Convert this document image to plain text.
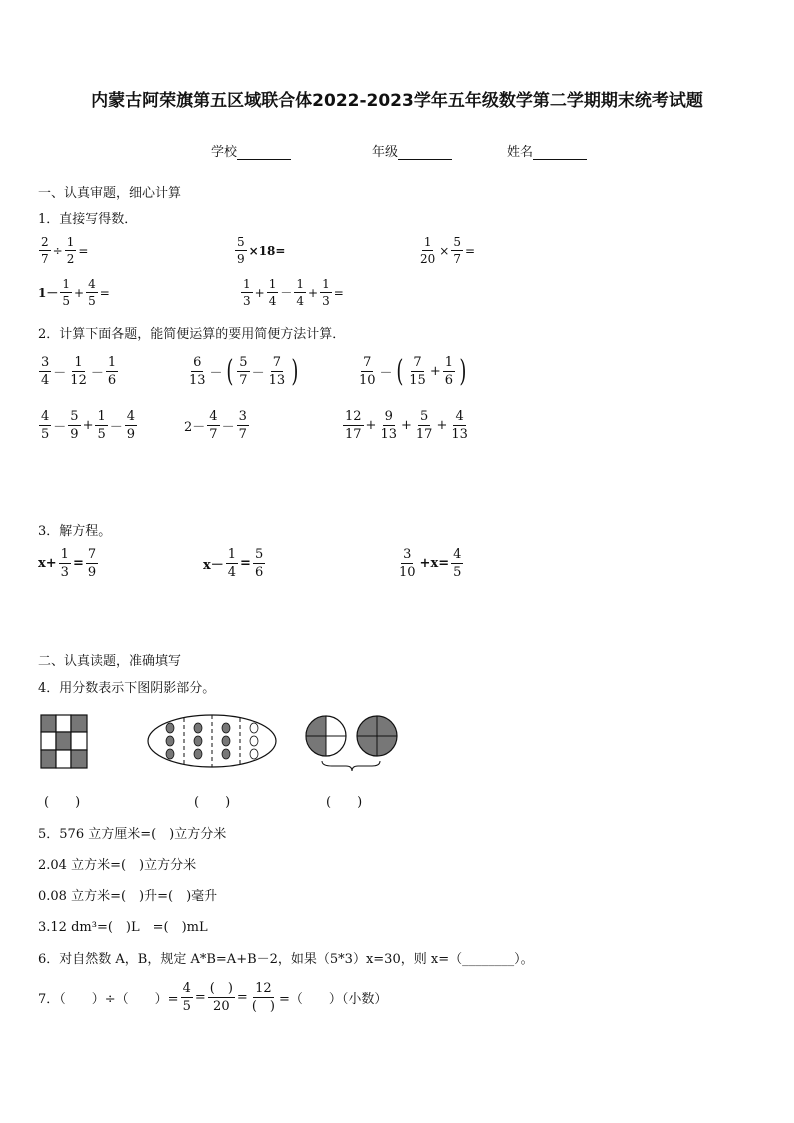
内蒙古阿荣旗第五区域联合体2022-2023学年五年级数学第二学期期末统考试题
学校	年级	姓名
一、认真审题，细心计算
1．直接写得数．
$\frac{2}{7} \div \frac{1}{2}$ =	$\frac{5}{9} \times 18=$	$\frac{1}{20} \times \frac{5}{7}$ =
$1- \frac{1}{5} + \frac{4}{5}$ =	$\frac{1}{3} + \frac{1}{4} - \frac{1}{4} + \frac{1}{3}$ =
2．计算下面各题，能简便运算的要用简便方法计算．
$\frac{3}{4} - \frac{1}{12} - \frac{1}{6}$	$\frac{6}{13}$ － ( $\frac{5}{7} - \frac{7}{13}$ )	$\frac{7}{10}$ － ( $\frac{7}{15} + \frac{1}{6}$ )
$\frac{4}{5} - \frac{5}{9} + \frac{1}{5} - \frac{4}{9}$	$2- \frac{4}{7} - \frac{3}{7}$	$\frac{12}{17} + \frac{9}{13} + \frac{5}{17} + \frac{4}{13}$
3．解方程。
$x+ \frac{1}{3} = \frac{7}{9}$	$x- \frac{1}{4} = \frac{5}{6}$	$\frac{3}{10} +x= \frac{4}{5}$
二、认真读题，准确填写
4．用分数表示下图阴影部分。
(　　)	(　　)	(　　)
5．576 立方厘米=(　)立方分米
2.04 立方米=(　)立方分米
0.08 立方米=(　)升=(　)毫升
3.12 dm³=(　)L　=(　)mL
6．对自然数 A，B，规定 A*B=A+B－2，如果（5*3）x=30，则 x=（________）。
7．（　　）÷（　　）= $\frac{4}{5} = \frac{( )}{20} = \frac{12}{( )}$ =（　　）（小数）
